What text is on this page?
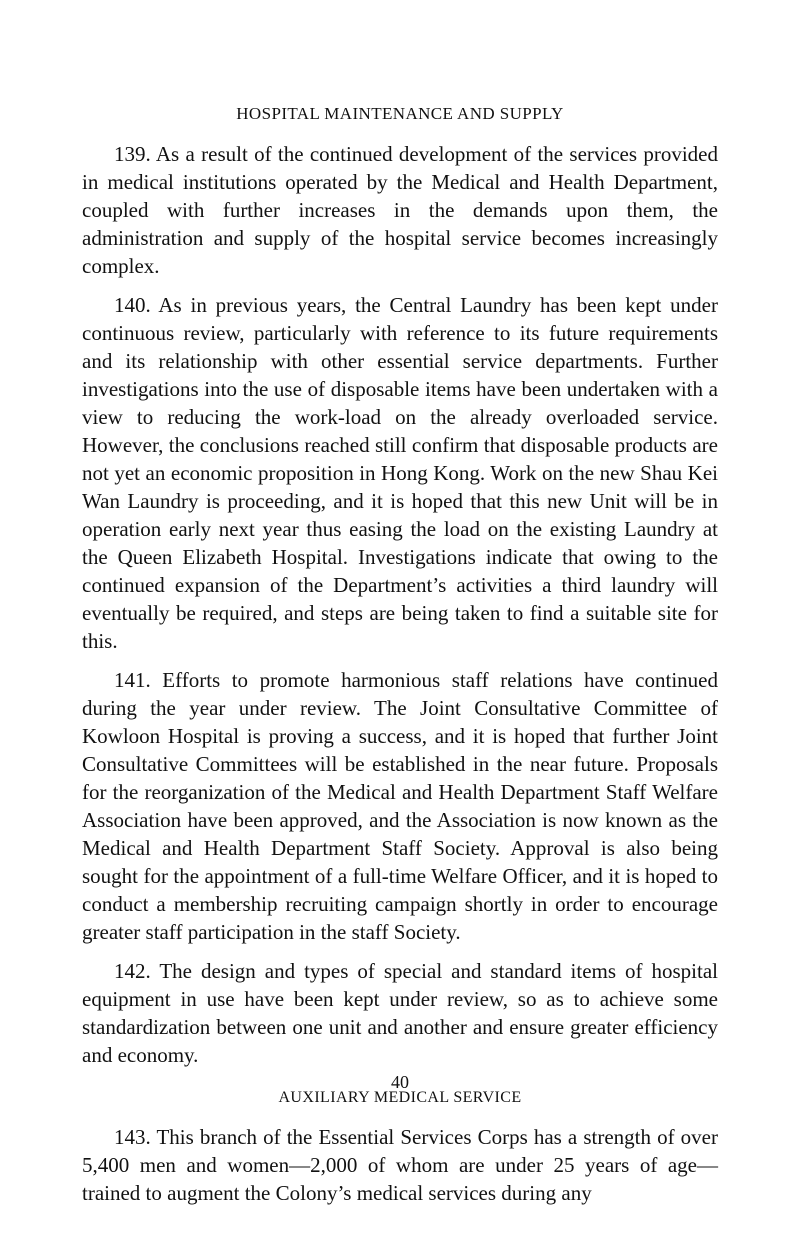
HOSPITAL MAINTENANCE AND SUPPLY

139. As a result of the continued development of the services provided in medical institutions operated by the Medical and Health Department, coupled with further increases in the demands upon them, the administration and supply of the hospital service becomes increasingly complex.

140. As in previous years, the Central Laundry has been kept under continuous review, particularly with reference to its future requirements and its relationship with other essential service departments. Further investigations into the use of disposable items have been undertaken with a view to reducing the work-load on the already overloaded service. However, the conclusions reached still confirm that disposable products are not yet an economic proposition in Hong Kong. Work on the new Shau Kei Wan Laundry is proceeding, and it is hoped that this new Unit will be in operation early next year thus easing the load on the existing Laundry at the Queen Elizabeth Hospital. Investigations indicate that owing to the continued expansion of the Department’s activities a third laundry will eventually be required, and steps are being taken to find a suitable site for this.

141. Efforts to promote harmonious staff relations have continued during the year under review. The Joint Consultative Committee of Kowloon Hospital is proving a success, and it is hoped that further Joint Consultative Committees will be established in the near future. Proposals for the reorganization of the Medical and Health Department Staff Welfare Association have been approved, and the Association is now known as the Medical and Health Department Staff Society. Approval is also being sought for the appointment of a full-time Welfare Officer, and it is hoped to conduct a membership recruiting campaign shortly in order to encourage greater staff participation in the staff Society.

142. The design and types of special and standard items of hospital equipment in use have been kept under review, so as to achieve some standardization between one unit and another and ensure greater efficiency and economy.

AUXILIARY MEDICAL SERVICE

143. This branch of the Essential Services Corps has a strength of over 5,400 men and women—2,000 of whom are under 25 years of age—trained to augment the Colony’s medical services during any

40
